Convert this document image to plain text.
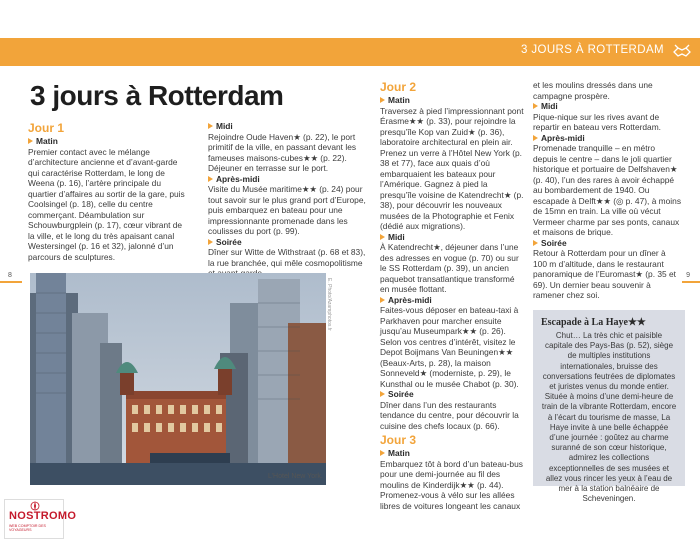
3 JOURS À ROTTERDAM
3 jours à Rotterdam
8	9
Jour 1
Matin
Premier contact avec le mélange d’architecture ancienne et d’avant-garde qui caractérise Rotterdam, le long de Weena (p. 16), l’artère principale du quartier d’affaires au sortir de la gare, puis Coolsingel (p. 18), celle du centre commerçant. Déambulation sur Schouwburgplein (p. 17), cœur vibrant de la ville, et le long du très apaisant canal Westersingel (p. 16 et 32), jalonné d’un parcours de sculptures.
Midi
Rejoindre Oude Haven★ (p. 22), le port primitif de la ville, en passant devant les fameuses maisons-cubes★★ (p. 22). Déjeuner en terrasse sur le port.
Après-midi
Visite du Musée maritime★★ (p. 24) pour tout savoir sur le plus grand port d’Europe, puis embarquez en bateau pour une impressionnante promenade dans les coulisses du port (p. 99).
Soirée
Dîner sur Witte de Withstraat (p. 68 et 83), la rue branchée, qui mêle cosmopolitisme
E. Photo/Azamphotos.fr
L’Hotel New York.
Jour 2
Matin
Traversez à pied l’impressionnant pont Érasme★★ (p. 33), pour rejoindre la presqu’île Kop van Zuid★ (p. 36), laboratoire architectural en plein air. Prenez un verre à l’Hôtel New York (p. 38 et 77), face aux quais d’où embarquaient les bateaux pour l’Amérique. Gagnez à pied la presqu’île voisine de Katendrecht★ (p. 38), pour découvrir les nouveaux musées de la Photographie et Fenix (dédié aux migrations).
Midi
À Katendrecht★, déjeuner dans l’une des adresses en vogue (p. 70) ou sur le SS Rotterdam (p. 39), un ancien paquebot transatlantique transformé en musée flottant.
Après-midi
Faites-vous déposer en bateau-taxi à Parkhaven pour marcher ensuite jusqu’au Museumpark★★ (p. 26). Selon vos centres d’intérêt, visitez le Depot Boijmans Van Beuningen★★ (Beaux-Arts, p. 28), la maison Sonneveld★ (moderniste, p. 29), le Kunsthal ou le musée Chabot (p. 30).
Soirée
Dîner dans l’un des restaurants tendance du centre, pour découvrir la cuisine des chefs locaux (p. 66).
Jour 3
Matin
Embarquez tôt à bord d’un bateau-bus pour une demi-journée au fil des moulins de Kinderdijk★★ (p. 44). Promenez-vous à vélo sur les allées libres de voitures longeant les canaux
et les moulins dressés dans une campagne prospère.
Midi
Pique-nique sur les rives avant de repartir en bateau vers Rotterdam.
Après-midi
Promenade tranquille – en métro depuis le centre – dans le joli quartier historique et portuaire de Delfshaven★ (p. 40), l’un des rares à avoir échappé au bombardement de 1940. Ou escapade à Delft★★ (◎ p. 47), à moins de 15mn en train. La ville où vécut Vermeer charme par ses ponts, canaux et maisons de brique.
Soirée
Retour à Rotterdam pour un dîner à 100 m d’altitude, dans le restaurant panoramique de l’Euromast★ (p. 35 et 69). Un dernier beau souvenir à ramener chez soi.
Escapade à La Haye★★
Chut… La très chic et paisible capitale des Pays-Bas (p. 52), siège de multiples institutions internationales, bruisse des conversations feutrées de diplomates et juristes venus du monde entier. Située à moins d’une demi-heure de train de la vibrante Rotterdam, encore à l’écart du tourisme de masse, La Haye invite à une belle échappée d’une journée : goûtez au charme suranné de son cœur historique, admirez les collections exceptionnelles de ses musées et allez vous rincer les yeux à l’eau de mer à la station balnéaire de Scheveningen.
NOSTROMO
WEB COMPTOIR DES VOYAGEURS
